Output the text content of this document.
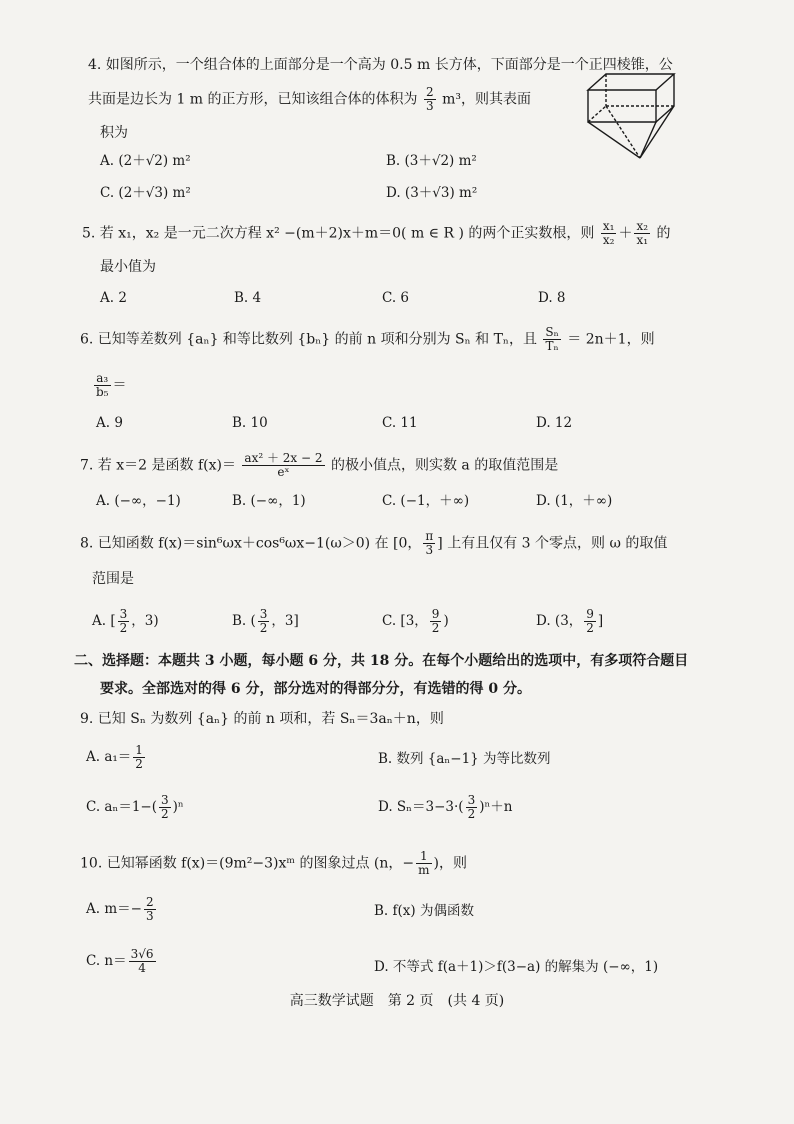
4. 如图所示，一个组合体的上面部分是一个高为 0.5 m 长方体，下面部分是一个正四棱锥，公
共面是边长为 1 m 的正方形，已知该组合体的体积为 $\frac{2}{3} m^3$，则其表面
积为
A. (2＋√2) m²	B. (3＋√2) m²
C. (2＋√3) m²	D. (3＋√3) m²
5. 若 x₁，x₂ 是一元二次方程 x² −(m＋2)x＋m＝0( m ∈ R ) 的两个正实数根，则 $\frac{\text{x₁}}{\text{x₂}} + \frac{\text{x₂}}{\text{x₁}}$ 的
最小值为
A. 2	B. 4	C. 6	D. 8
6. 已知等差数列 {aₙ} 和等比数列 {bₙ} 的前 n 项和分别为 Sₙ 和 Tₙ，且 $\frac{\text{Sₙ}}{\text{Tₙ}} = 2n+1$，则
$\frac{\text{a₃}}{\text{b₅}}$ ＝
A. 9	B. 10	C. 11	D. 12
7. 若 x＝2 是函数 $f(x)= \frac{\text{ax² ＋ 2x − 2}}{\text{eˣ}}$ 的极小值点，则实数 a 的取值范围是
A. (−∞，−1)	B. (−∞，1)	C. (−1，＋∞)	D. (1，＋∞)
8. 已知函数 f(x)＝sin⁶ωx＋cos⁶ωx−1(ω＞0) 在 [0， $\frac{\pi}{3}$ ] 上有且仅有 3 个零点，则 ω 的取值
范围是
A. [ $\frac{3}{2}$ ，3)	B. ( $\frac{3}{2}$ ，3]	C. [3， $\frac{9}{2}$ )	D. (3， $\frac{9}{2}$ ]
二、选择题：本题共 3 小题，每小题 6 分，共 18 分。在每个小题给出的选项中，有多项符合题目
要求。全部选对的得 6 分，部分选对的得部分分，有选错的得 0 分。
9. 已知 Sₙ 为数列 {aₙ} 的前 n 项和，若 Sₙ＝3aₙ＋n，则
A. $a_1= \frac{1}{2}$	B. 数列 {aₙ−1} 为等比数列
C. $a_n=1-( \frac{3}{2} )^n$	D. $S_n=3-3\cdot( \frac{3}{2} )^n+n$
10. 已知幂函数 f(x)＝(9m²−3)xᵐ 的图象过点 (n，− $\frac{1}{m}$ )，则
A. $m=- \frac{2}{3}$	B. f(x) 为偶函数
C. $n= \frac{3√6}{4}$	D. 不等式 f(a＋1)＞f(3−a) 的解集为 (−∞，1)
高三数学试题　第 2 页　(共 4 页)
